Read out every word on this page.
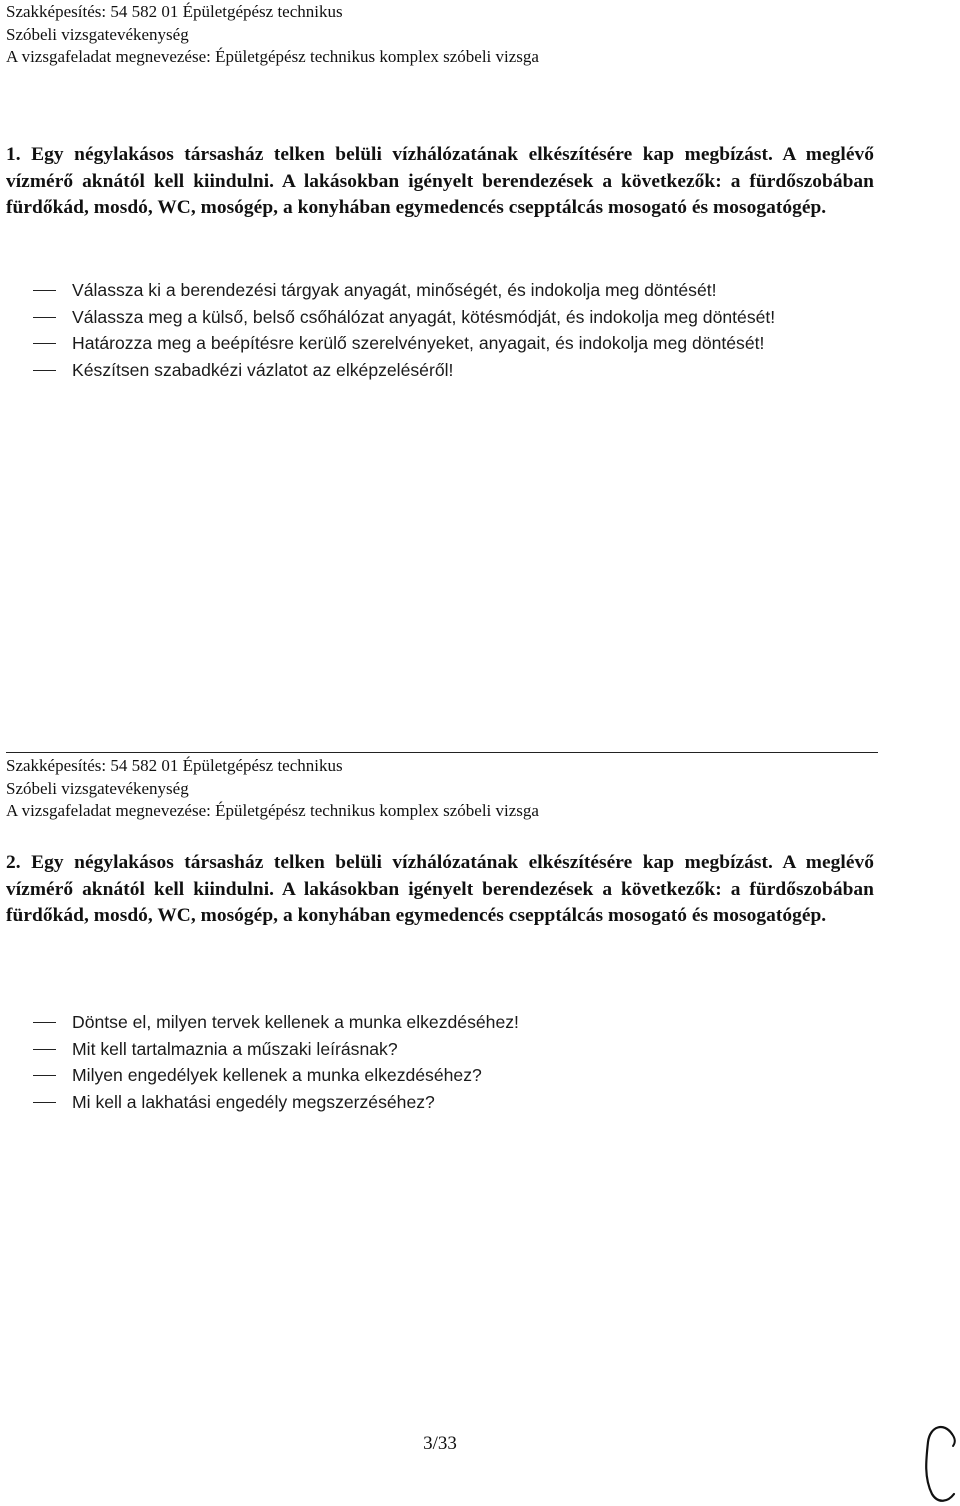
Szakképesítés: 54 582 01 Épületgépész technikus
Szóbeli vizsgatevékenység
A vizsgafeladat megnevezése: Épületgépész technikus komplex szóbeli vizsga
1. Egy négylakásos társasház telken belüli vízhálózatának elkészítésére kap megbízást. A meglévő vízmérő aknától kell kiindulni. A lakásokban igényelt berendezések a következők: a fürdőszobában fürdőkád, mosdó, WC, mosógép, a konyhában egymedencés csepptálcás mosogató és mosogatógép.
Válassza ki a berendezési tárgyak anyagát, minőségét, és indokolja meg döntését!
Válassza meg a külső, belső csőhálózat anyagát, kötésmódját, és indokolja meg döntését!
Határozza meg a beépítésre kerülő szerelvényeket, anyagait, és indokolja meg döntését!
Készítsen szabadkézi vázlatot az elképzeléséről!
Szakképesítés: 54 582 01 Épületgépész technikus
Szóbeli vizsgatevékenység
A vizsgafeladat megnevezése: Épületgépész technikus komplex szóbeli vizsga
2. Egy négylakásos társasház telken belüli vízhálózatának elkészítésére kap megbízást. A meglévő vízmérő aknától kell kiindulni. A lakásokban igényelt berendezések a következők: a fürdőszobában fürdőkád, mosdó, WC, mosógép, a konyhában egymedencés csepptálcás mosogató és mosogatógép.
Döntse el, milyen tervek kellenek a munka elkezdéséhez!
Mit kell tartalmaznia a műszaki leírásnak?
Milyen engedélyek kellenek a munka elkezdéséhez?
Mi kell a lakhatási engedély megszerzéséhez?
3/33
